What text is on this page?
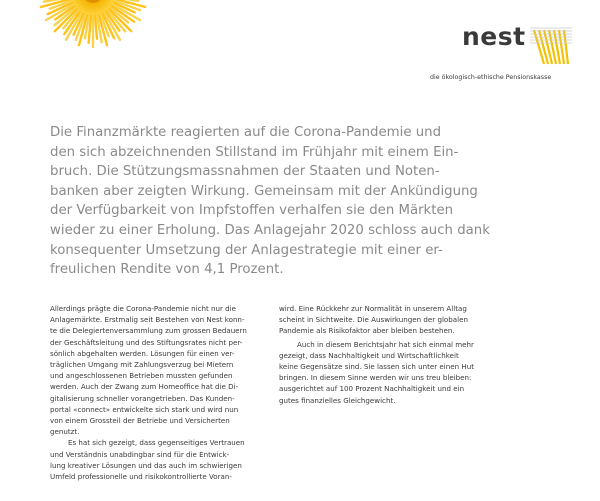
nest
die ökologisch-ethische Pensionskasse
Die Finanzmärkte reagierten auf die Corona-Pandemie und
den sich abzeichnenden Stillstand im Frühjahr mit einem Ein-
bruch. Die Stützungsmassnahmen der Staaten und Noten-
banken aber zeigten Wirkung. Gemeinsam mit der Ankündigung
der Verfügbarkeit von Impfstoffen verhalfen sie den Märkten
wieder zu einer Erholung. Das Anlagejahr 2020 schloss auch dank
konsequenter Umsetzung der Anlagestrategie mit einer er-
freulichen Rendite von 4,1 Prozent.
Allerdings prägte die Corona-Pandemie nicht nur die
Anlagemärkte. Erstmalig seit Bestehen von Nest konn-
te die Delegiertenversammlung zum grossen Bedauern
der Geschäftsleitung und des Stiftungsrates nicht per-
sönlich abgehalten werden. Lösungen für einen ver-
träglichen Umgang mit Zahlungsverzug bei Mietern
und angeschlossenen Betrieben mussten gefunden
werden. Auch der Zwang zum Homeoffice hat die Di-
gitalisierung schneller vorangetrieben. Das Kunden-
portal «connect» entwickelte sich stark und wird nun
von einem Grossteil der Betriebe und Versicherten
genutzt.
Es hat sich gezeigt, dass gegenseitiges Vertrauen
und Verständnis unabdingbar sind für die Entwick-
lung kreativer Lösungen und das auch im schwierigen
Umfeld professionelle und risikokontrollierte Voran-
wird. Eine Rückkehr zur Normalität in unserem Alltag
scheint in Sichtweite. Die Auswirkungen der globalen
Pandemie als Risikofaktor aber bleiben bestehen.
Auch in diesem Berichtsjahr hat sich einmal mehr
gezeigt, dass Nachhaltigkeit und Wirtschaftlichkeit
keine Gegensätze sind. Sie lassen sich unter einen Hut
bringen. In diesem Sinne werden wir uns treu bleiben:
ausgerichtet auf 100 Prozent Nachhaltigkeit und ein
gutes finanzielles Gleichgewicht.
